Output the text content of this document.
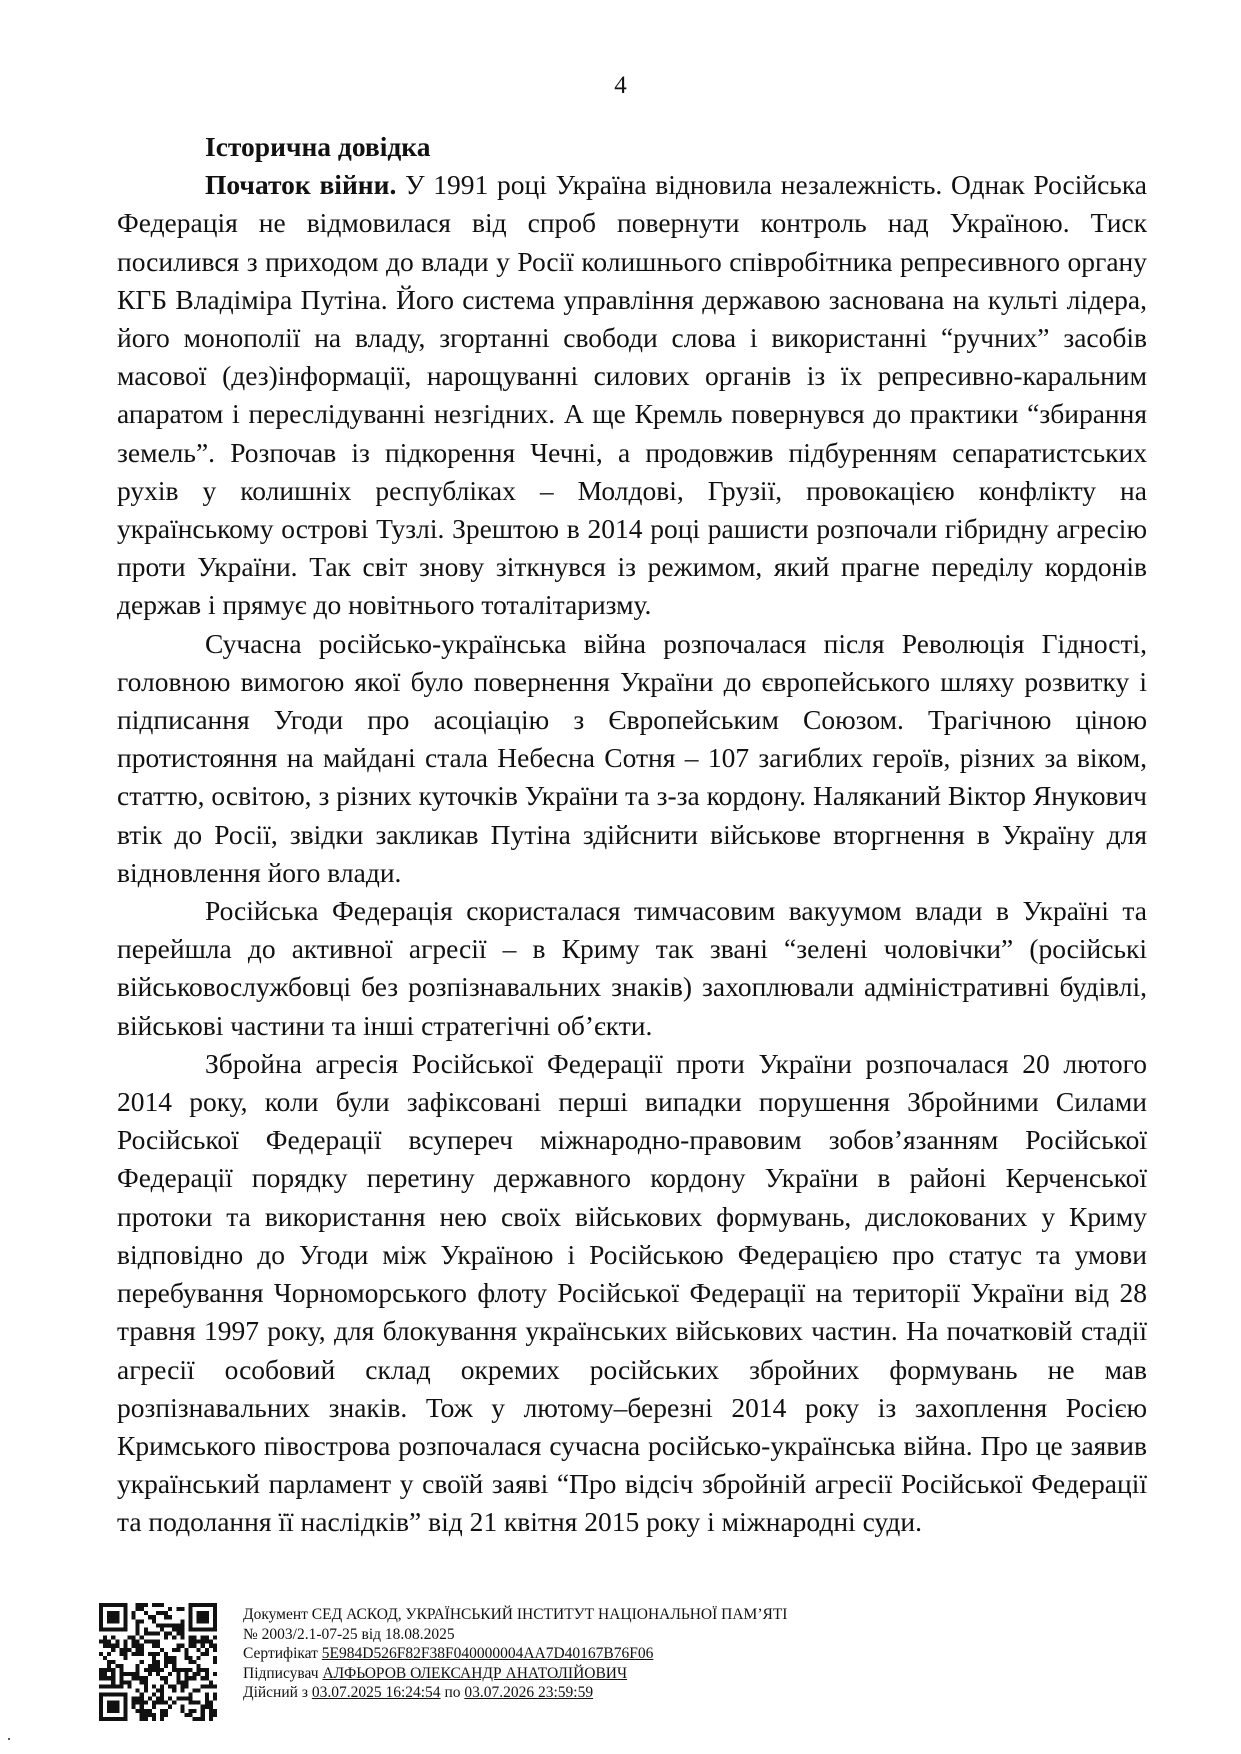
4
Історична довідка

Початок війни. У 1991 році Україна відновила незалежність. Однак Російська Федерація не відмовилася від спроб повернути контроль над Україною. Тиск посилився з приходом до влади у Росії колишнього співробітника репресивного органу КГБ Владіміра Путіна. Його система управління державою заснована на культі лідера, його монополії на владу, згортанні свободи слова і використанні “ручних” засобів масової (дез)інформації, нарощуванні силових органів із їх репресивно-каральним апаратом і переслідуванні незгідних. А ще Кремль повернувся до практики “збирання земель”. Розпочав із підкорення Чечні, а продовжив підбуренням сепаратистських рухів у колишніх республіках – Молдові, Грузії, провокацією конфлікту на українському острові Тузлі. Зрештою в 2014 році рашисти розпочали гібридну агресію проти України. Так світ знову зіткнувся із режимом, який прагне переділу кордонів держав і прямує до новітнього тоталітаризму.

Сучасна російсько-українська війна розпочалася після Революція Гідності, головною вимогою якої було повернення України до європейського шляху розвитку і підписання Угоди про асоціацію з Європейським Союзом. Трагічною ціною протистояння на майдані стала Небесна Сотня – 107 загиблих героїв, різних за віком, статтю, освітою, з різних куточків України та з-за кордону. Наляканий Віктор Янукович втік до Росії, звідки закликав Путіна здійснити військове вторгнення в Україну для відновлення його влади.

Російська Федерація скористалася тимчасовим вакуумом влади в Україні та перейшла до активної агресії – в Криму так звані “зелені чоловічки” (російські військовослужбовці без розпізнавальних знаків) захоплювали адміністративні будівлі, військові частини та інші стратегічні об’єкти.

Збройна агресія Російської Федерації проти України розпочалася 20 лютого 2014 року, коли були зафіксовані перші випадки порушення Збройними Силами Російської Федерації всупереч міжнародно-правовим зобов’язанням Російської Федерації порядку перетину державного кордону України в районі Керченської протоки та використання нею своїх військових формувань, дислокованих у Криму відповідно до Угоди між Україною і Російською Федерацією про статус та умови перебування Чорноморського флоту Російської Федерації на території України від 28 травня 1997 року, для блокування українських військових частин. На початковій стадії агресії особовий склад окремих російських збройних формувань не мав розпізнавальних знаків. Тож у лютому–березні 2014 року із захоплення Росією Кримського півострова розпочалася сучасна російсько-українська війна. Про це заявив український парламент у своїй заяві “Про відсіч збройній агресії Російської Федерації та подолання її наслідків” від 21 квітня 2015 року і міжнародні суди.

Документ СЕД АСКОД, УКРАЇНСЬКИЙ ІНСТИТУТ НАЦІОНАЛЬНОЇ ПАМ’ЯТІ
№ 2003/2.1-07-25 від 18.08.2025
Сертифікат 5E984D526F82F38F040000004AA7D40167B76F06
Підписувач АЛФЬОРОВ ОЛЕКСАНДР АНАТОЛІЙОВИЧ
Дійсний з 03.07.2025 16:24:54 по 03.07.2026 23:59:59
